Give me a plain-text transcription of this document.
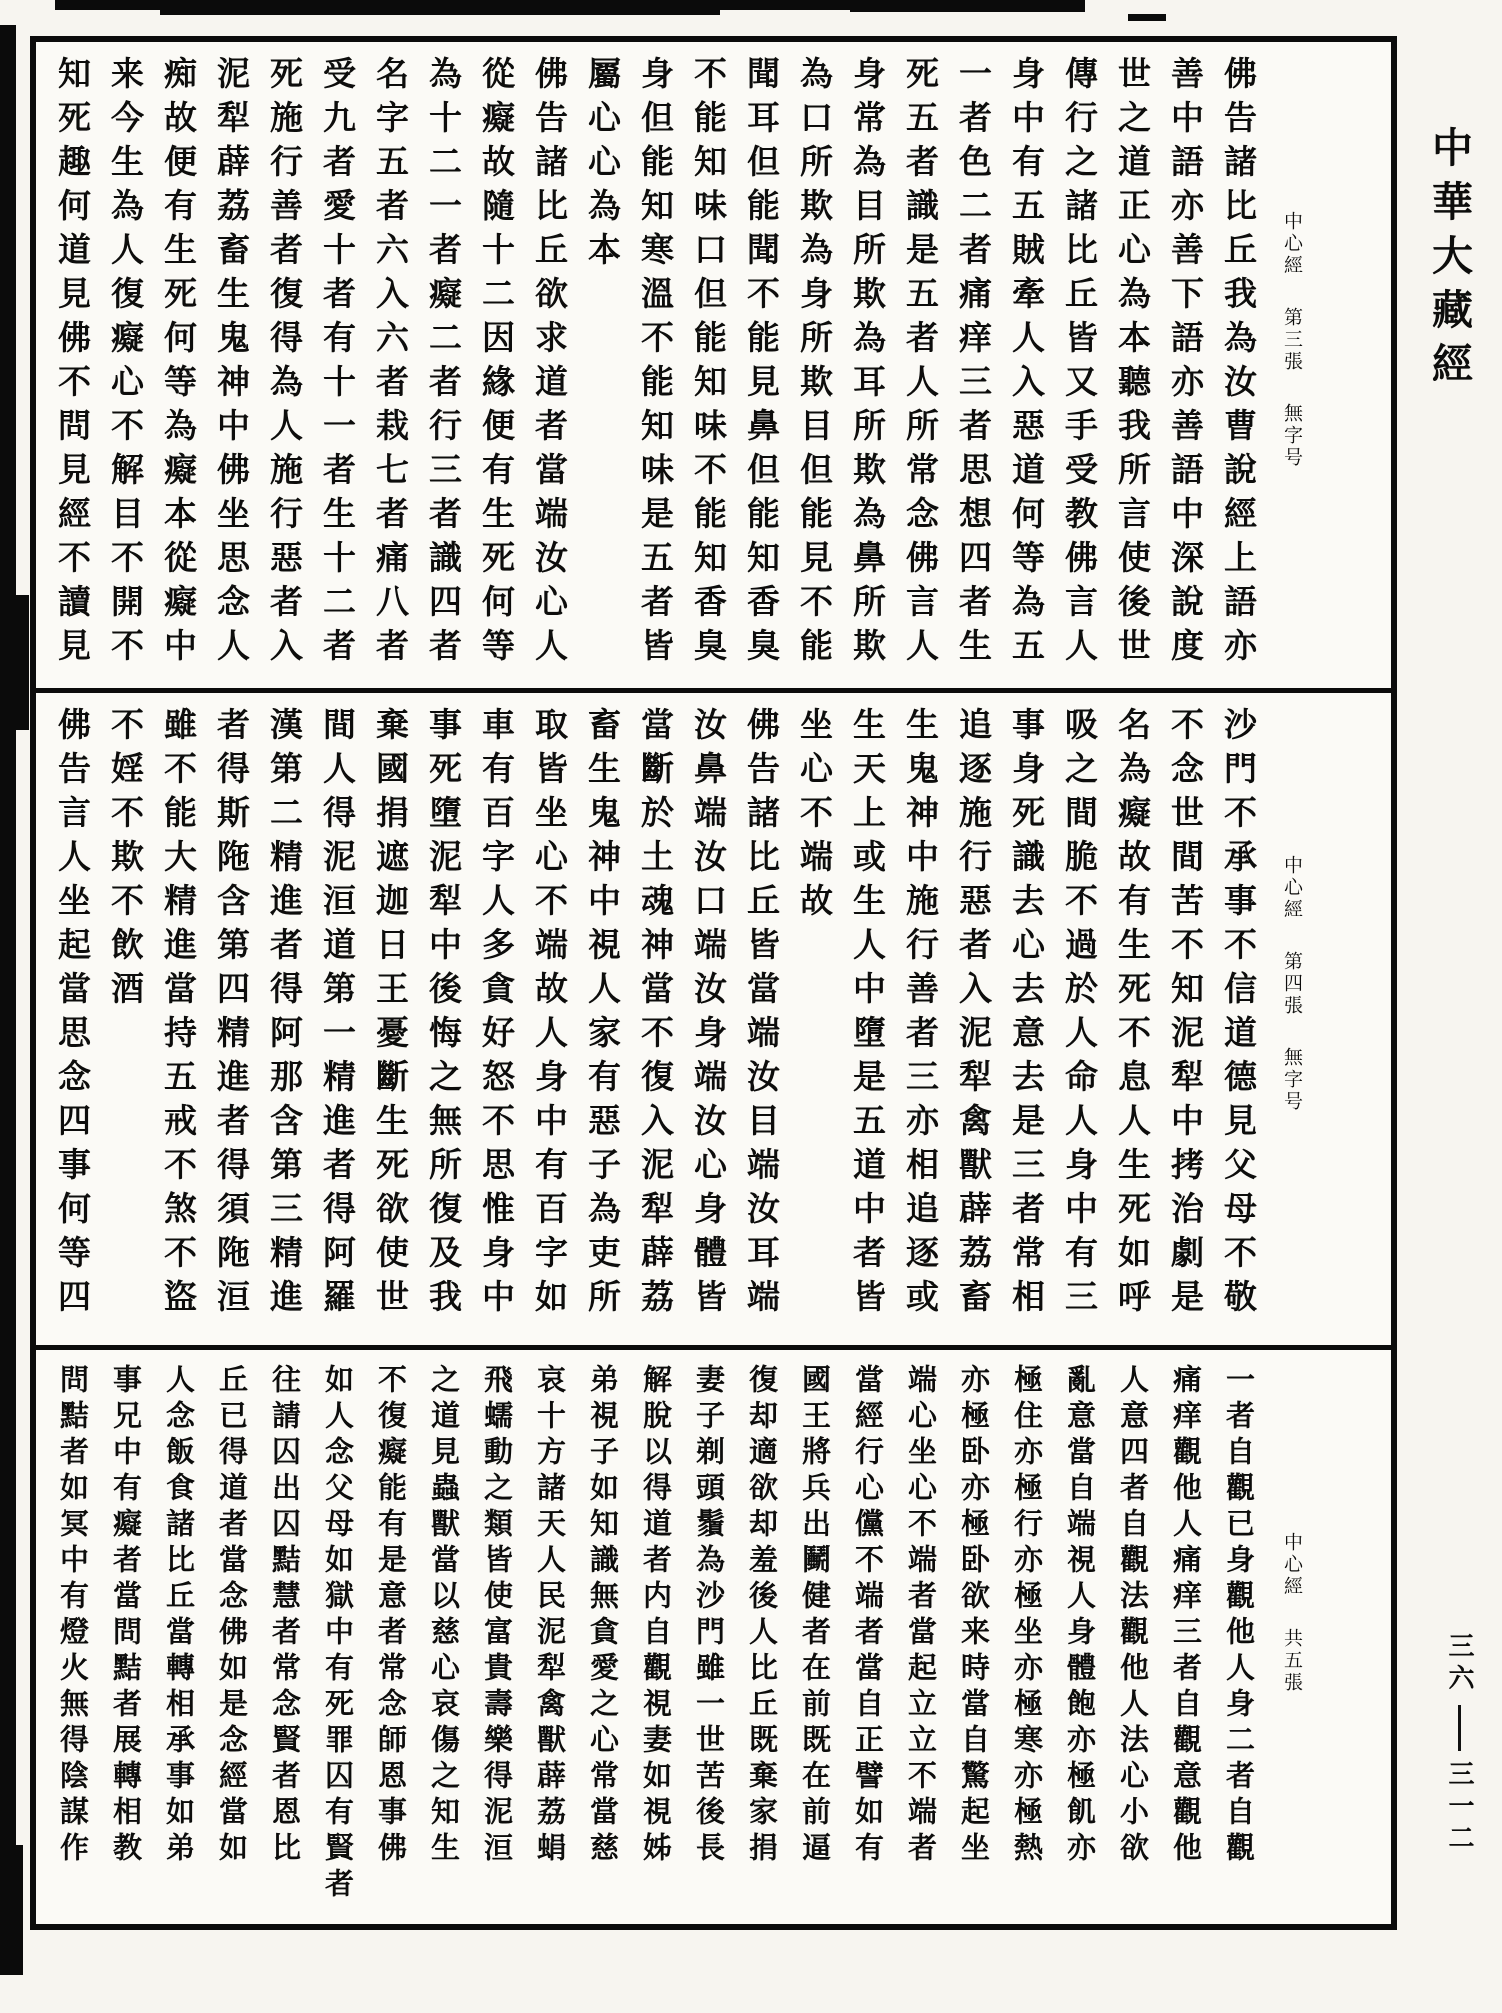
中心經第三張無字号
佛告諸比丘我為汝曹說經上語亦
善中語亦善下語亦善語中深說度
世之道正心為本聽我所言使後世
傳行之諸比丘皆又手受教佛言人
身中有五賊牽人入惡道何等為五
一者色二者痛痒三者思想四者生
死五者識是五者人所常念佛言人
身常為目所欺為耳所欺為鼻所欺
為口所欺為身所欺目但能見不能
聞耳但能聞不能見鼻但能知香臭
不能知味口但能知味不能知香臭
身但能知寒溫不能知味是五者皆
屬心心為本
佛告諸比丘欲求道者當端汝心人
從癡故隨十二因緣便有生死何等
為十二一者癡二者行三者識四者
名字五者六入六者栽七者痛八者
受九者愛十者有十一者生十二者
死施行善者復得為人施行惡者入
泥犁薜荔畜生鬼神中佛坐思念人
痴故便有生死何等為癡本從癡中
来今生為人復癡心不解目不開不
知死趣何道見佛不問見經不讀見
中心經第四張無字号
沙門不承事不信道德見父母不敬
不念世間苦不知泥犁中拷治劇是
名為癡故有生死不息人生死如呼
吸之間脆不過於人命人身中有三
事身死識去心去意去是三者常相
追逐施行惡者入泥犁禽獸薜荔畜
生鬼神中施行善者三亦相追逐或
生天上或生人中墮是五道中者皆
坐心不端故
佛告諸比丘皆當端汝目端汝耳端
汝鼻端汝口端汝身端汝心身體皆
當斷於土魂神當不復入泥犁薜荔
畜生鬼神中視人家有惡子為吏所
取皆坐心不端故人身中有百字如
車有百字人多貪好怒不思惟身中
事死墮泥犁中後悔之無所復及我
棄國捐遮迦日王憂斷生死欲使世
間人得泥洹道第一精進者得阿羅
漢第二精進者得阿那含第三精進
者得斯陁含第四精進者得須陁洹
雖不能大精進當持五戒不煞不盜
不婬不欺不飲酒
佛告言人坐起當思念四事何等四
中心經共五張
一者自觀已身觀他人身二者自觀
痛痒觀他人痛痒三者自觀意觀他
人意四者自觀法觀他人法心小欲
亂意當自端視人身體飽亦極飢亦
極住亦極行亦極坐亦極寒亦極熱
亦極卧亦極卧欲来時當自驚起坐
端心坐心不端者當起立立不端者
當經行心儻不端者當自正譬如有
國王將兵出鬭健者在前既在前逼
復却適欲却羞後人比丘既棄家捐
妻子剃頭鬚為沙門雖一世苦後長
解脫以得道者内自觀視妻如視姊
弟視子如知識無貪愛之心常當慈
哀十方諸天人民泥犁禽獸薜荔蜎
飛蠕動之類皆使富貴壽樂得泥洹
之道見蟲獸當以慈心哀傷之知生
不復癡能有是意者常念師恩事佛
如人念父母如獄中有死罪囚有賢者
往請囚出囚黠慧者常念賢者恩比
丘已得道者當念佛如是念經當如
人念飯食諸比丘當轉相承事如弟
事兄中有癡者當問黠者展轉相教
問黠者如冥中有燈火無得陰謀作
中華大藏經
三六三一二
